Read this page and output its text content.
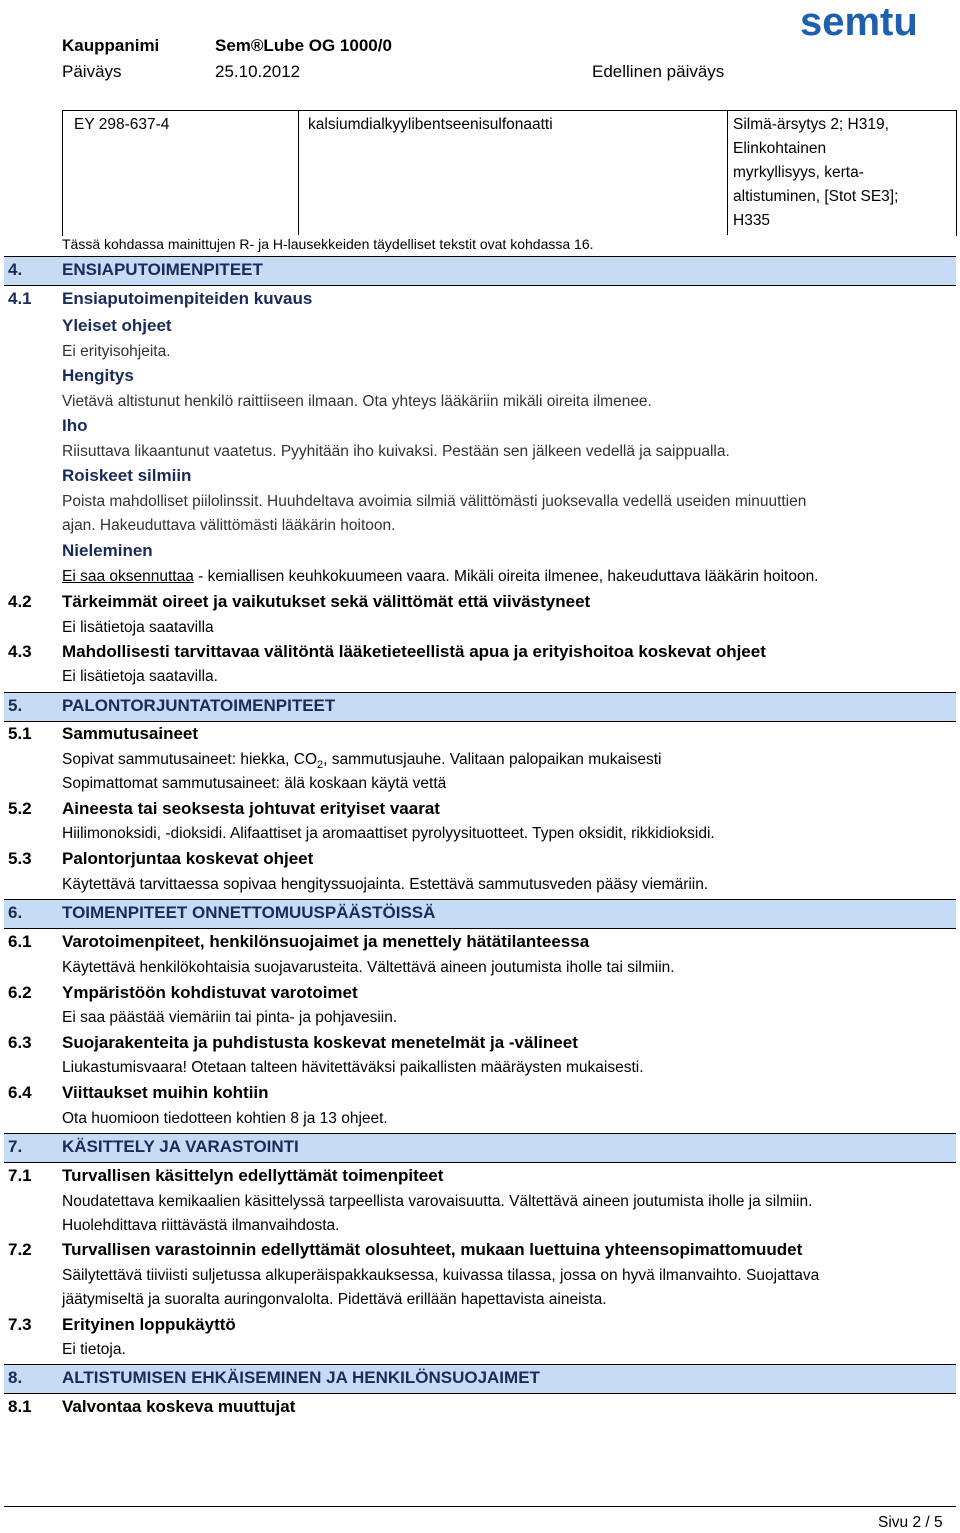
Kauppanimi	Sem®Lube OG 1000/0
Päiväys	25.10.2012	Edellinen päiväys
semtu
EY 298-637-4	kalsiumdialkyylibentseenisulfonaatti	Silmä-ärsytys 2; H319,
Elinkohtainen
myrkyllisyys, kerta-
altistuminen, [Stot SE3];
H335
Tässä kohdassa mainittujen R- ja H-lausekkeiden täydelliset tekstit ovat kohdassa 16.
4. ENSIAPUTOIMENPITEET
4.1 Ensiaputoimenpiteiden kuvaus
Yleiset ohjeet
Ei erityisohjeita.
Hengitys
Vietävä altistunut henkilö raittiiseen ilmaan. Ota yhteys lääkäriin mikäli oireita ilmenee.
Iho
Riisuttava likaantunut vaatetus. Pyyhitään iho kuivaksi. Pestään sen jälkeen vedellä ja saippualla.
Roiskeet silmiin
Poista mahdolliset piilolinssit. Huuhdeltava avoimia silmiä välittömästi juoksevalla vedellä useiden minuuttien
ajan. Hakeuduttava välittömästi lääkärin hoitoon.
Nieleminen
Ei saa oksennuttaa - kemiallisen keuhkokuumeen vaara. Mikäli oireita ilmenee, hakeuduttava lääkärin hoitoon.
4.2 Tärkeimmät oireet ja vaikutukset sekä välittömät että viivästyneet
Ei lisätietoja saatavilla
4.3 Mahdollisesti tarvittavaa välitöntä lääketieteellistä apua ja erityishoitoa koskevat ohjeet
Ei lisätietoja saatavilla.
5. PALONTORJUNTATOIMENPITEET
5.1 Sammutusaineet
Sopivat sammutusaineet: hiekka, $CO_2$, sammutusjauhe. Valitaan palopaikan mukaisesti
Sopimattomat sammutusaineet: älä koskaan käytä vettä
5.2 Aineesta tai seoksesta johtuvat erityiset vaarat
Hiilimonoksidi, -dioksidi. Alifaattiset ja aromaattiset pyrolyysituotteet. Typen oksidit, rikkidioksidi.
5.3 Palontorjuntaa koskevat ohjeet
Käytettävä tarvittaessa sopivaa hengityssuojainta. Estettävä sammutusveden pääsy viemäriin.
6. TOIMENPITEET ONNETTOMUUSPÄÄSTÖISSÄ
6.1 Varotoimenpiteet, henkilönsuojaimet ja menettely hätätilanteessa
Käytettävä henkilökohtaisia suojavarusteita. Vältettävä aineen joutumista iholle tai silmiin.
6.2 Ympäristöön kohdistuvat varotoimet
Ei saa päästää viemäriin tai pinta- ja pohjavesiin.
6.3 Suojarakenteita ja puhdistusta koskevat menetelmät ja -välineet
Liukastumisvaara! Otetaan talteen hävitettäväksi paikallisten määräysten mukaisesti.
6.4 Viittaukset muihin kohtiin
Ota huomioon tiedotteen kohtien 8 ja 13 ohjeet.
7. KÄSITTELY JA VARASTOINTI
7.1 Turvallisen käsittelyn edellyttämät toimenpiteet
Noudatettava kemikaalien käsittelyssä tarpeellista varovaisuutta. Vältettävä aineen joutumista iholle ja silmiin.
Huolehdittava riittävästä ilmanvaihdosta.
7.2 Turvallisen varastoinnin edellyttämät olosuhteet, mukaan luettuina yhteensopimattomuudet
Säilytettävä tiiviisti suljetussa alkuperäispakkauksessa, kuivassa tilassa, jossa on hyvä ilmanvaihto. Suojattava
jäätymiseltä ja suoralta auringonvalolta. Pidettävä erillään hapettavista aineista.
7.3 Erityinen loppukäyttö
Ei tietoja.
8. ALTISTUMISEN EHKÄISEMINEN JA HENKILÖNSUOJAIMET
8.1 Valvontaa koskeva muuttujat
Sivu 2 / 5
